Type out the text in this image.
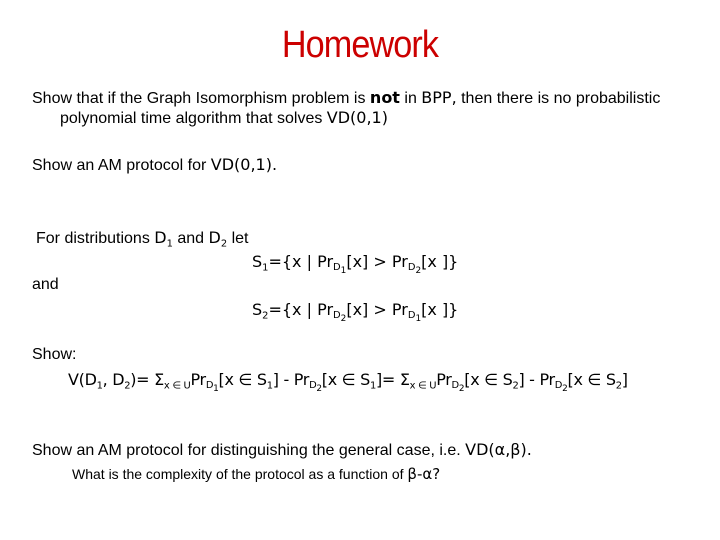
Homework
Show that if the Graph Isomorphism problem is not in BPP, then there is no probabilistic
polynomial time algorithm that solves VD(0,1)
Show an AM protocol for VD(0,1).
For distributions $D_1$ and $D_2$ let
$S_1=\{x$ | $Pr_{D_1}[x] > Pr_{D_2}[x$ ]}
and
$S_2=\{x$ | $Pr_{D_2}[x] > Pr_{D_1}[x$ ]}
Show:
$V(D_1$, $D_2)= \Sigma_{x \in U}Pr_{D_1}[x$ ∈ $S_1] - Pr_{D_2}[x$ ∈ $S_1]= \Sigma_{x \in U}Pr_{D_2}[x$ ∈ $S_2] - Pr_{D_2}[x$ ∈ $S_2$]
Show an AM protocol for distinguishing the general case, i.e. VD(α,β).
What is the complexity of the protocol as a function of β-α?
